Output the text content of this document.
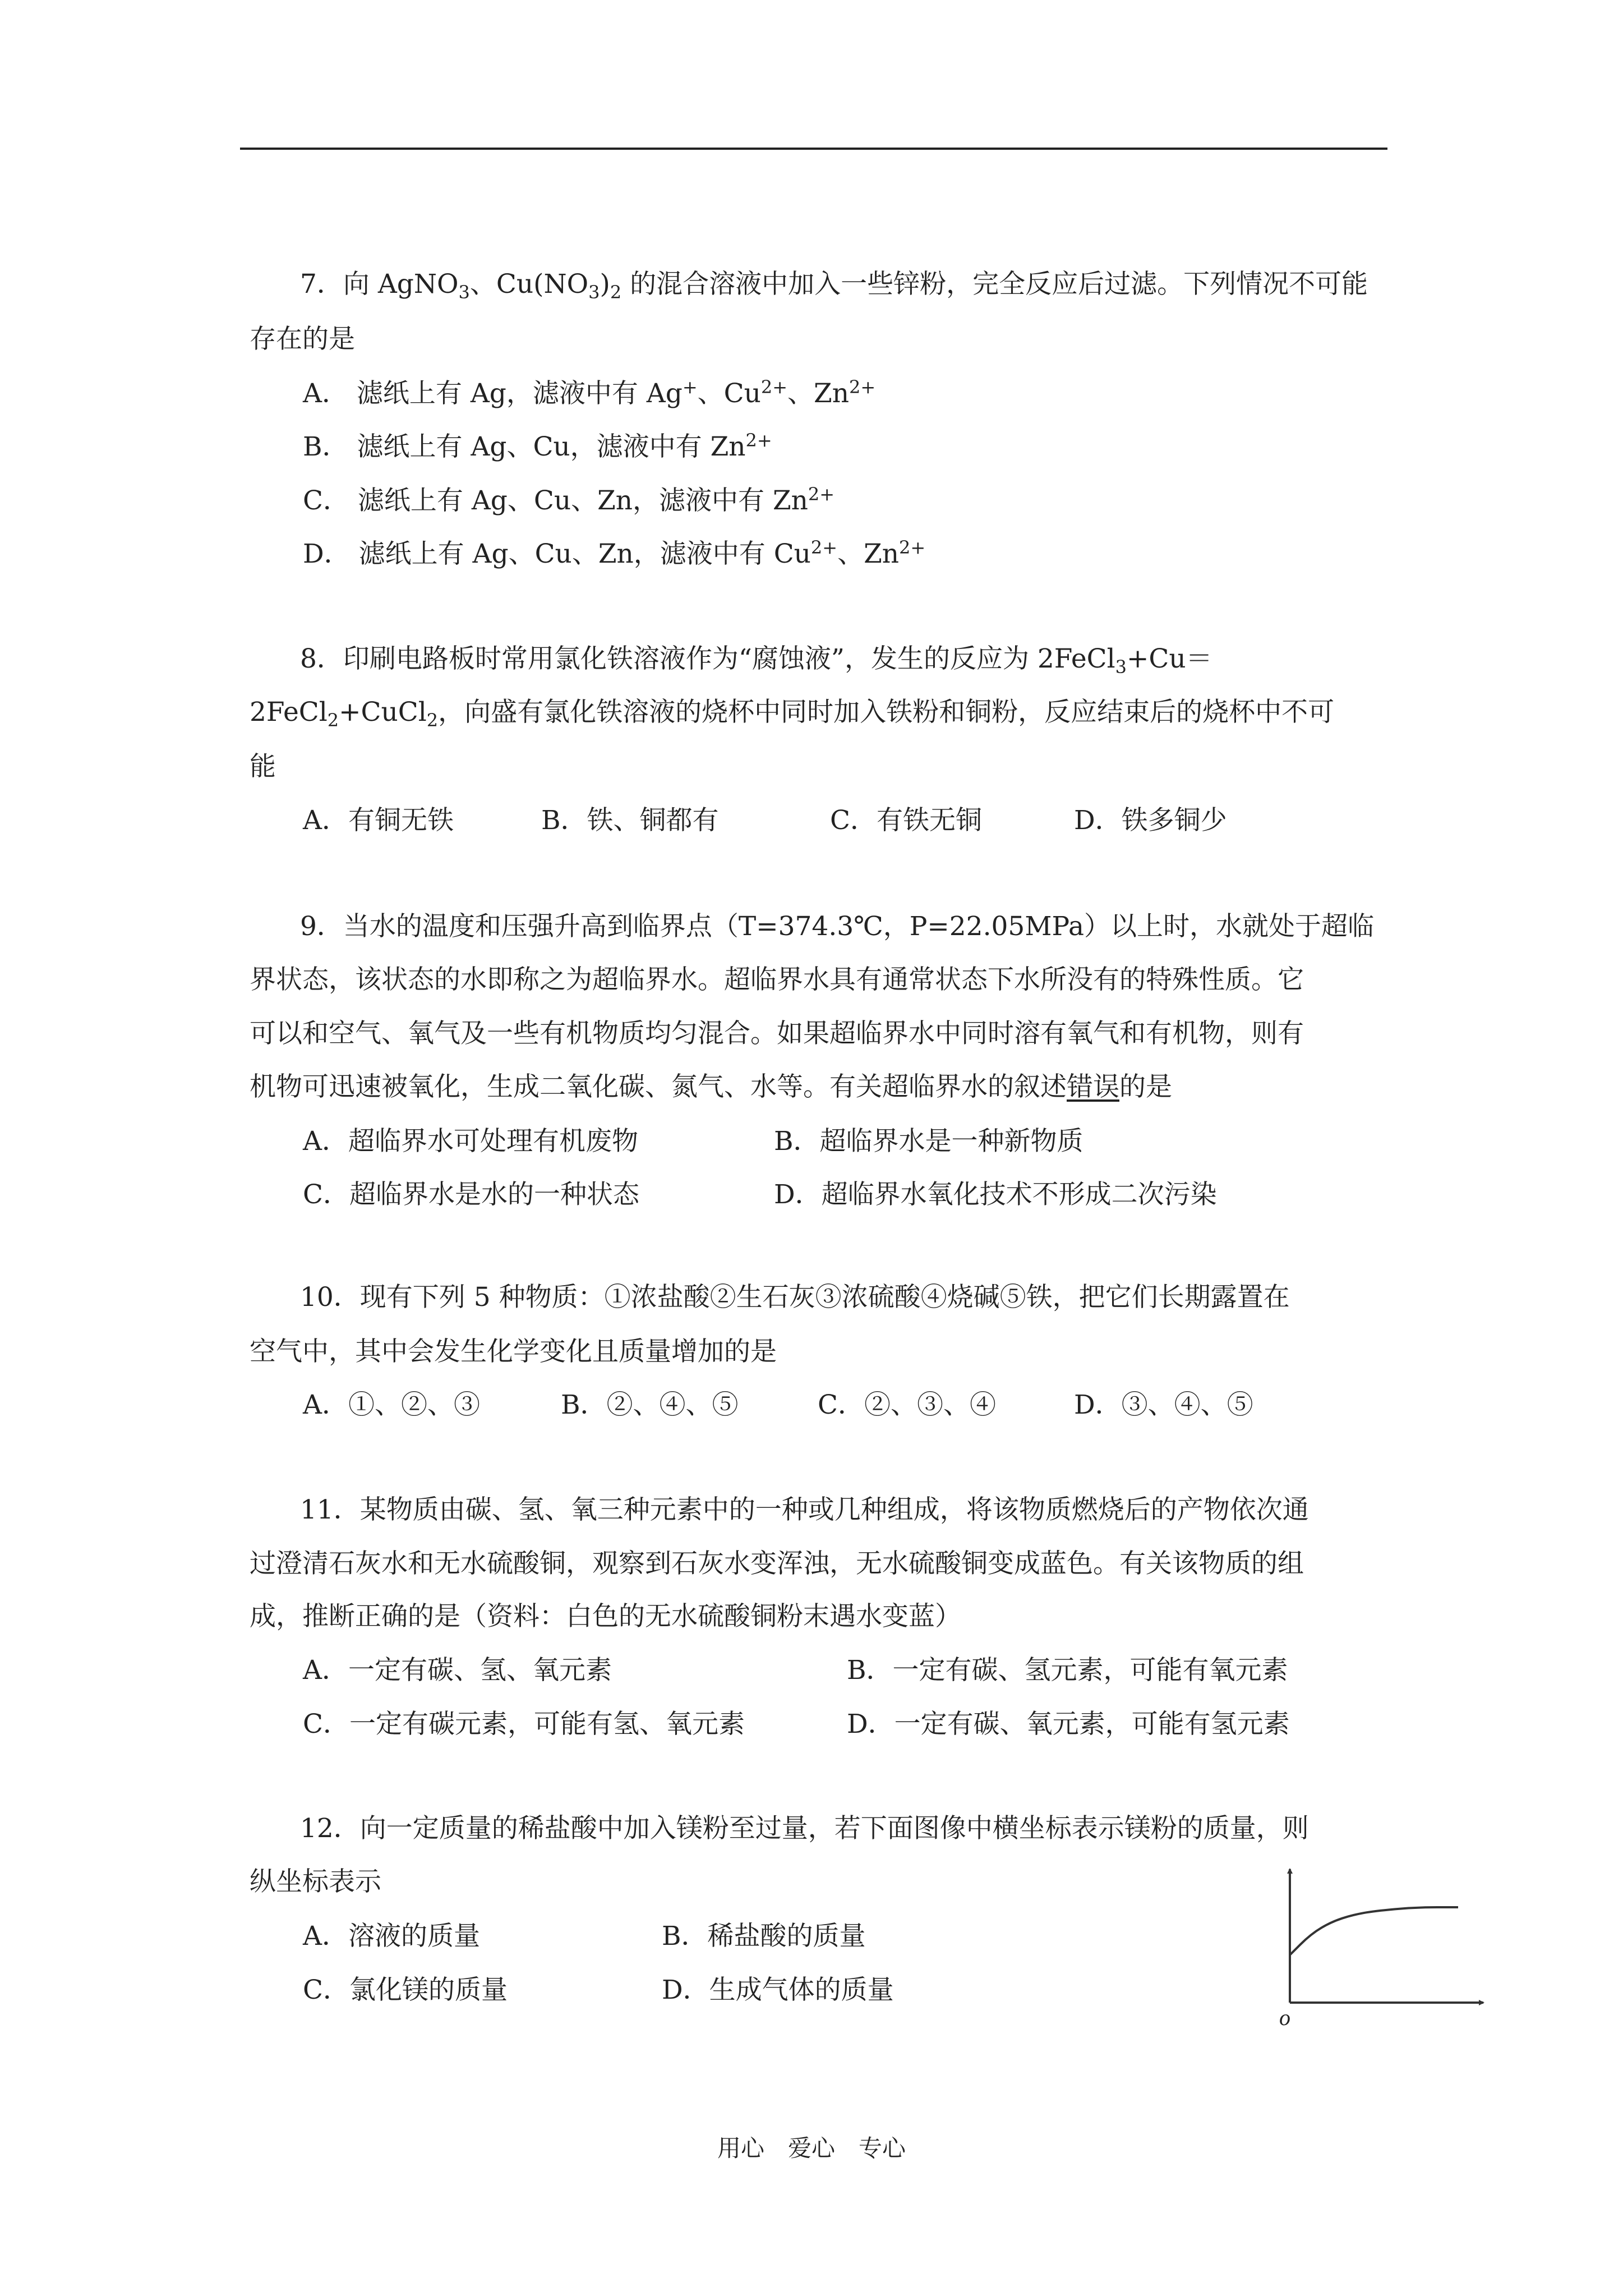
7．向 AgNO$_3$、$Cu(NO_3)_2$ 的混合溶液中加入一些锌粉，完全反应后过滤。下列情况不可能
存在的是
A． 滤纸上有 Ag，滤液中有 Ag+、$Cu^{2+}$、$Zn^{2+}$
B． 滤纸上有 Ag、Cu，滤液中有 $Zn^{2+}$
C． 滤纸上有 Ag、Cu、Zn，滤液中有 $Zn^{2+}$
D． 滤纸上有 Ag、Cu、Zn，滤液中有 $Cu^{2+}$、$Zn^{2+}$
8．印刷电路板时常用氯化铁溶液作为“腐蚀液”，发生的反应为 2FeCl$_3$+Cu＝
2FeCl$_2$+CuCl$_2$，向盛有氯化铁溶液的烧杯中同时加入铁粉和铜粉，反应结束后的烧杯中不可
能
A．有铜无铁	B．铁、铜都有	C．有铁无铜	D．铁多铜少
9．当水的温度和压强升高到临界点（T=374.3℃，P=22.05MPa）以上时，水就处于超临
界状态，该状态的水即称之为超临界水。超临界水具有通常状态下水所没有的特殊性质。它
可以和空气、氧气及一些有机物质均匀混合。如果超临界水中同时溶有氧气和有机物，则有
机物可迅速被氧化，生成二氧化碳、氮气、水等。有关超临界水的叙述错误的是
A．超临界水可处理有机废物	B．超临界水是一种新物质
C．超临界水是水的一种状态	D．超临界水氧化技术不形成二次污染
10．现有下列 5 种物质：①浓盐酸②生石灰③浓硫酸④烧碱⑤铁，把它们长期露置在
空气中，其中会发生化学变化且质量增加的是
A．①、②、③	B．②、④、⑤	C．②、③、④	D．③、④、⑤
11．某物质由碳、氢、氧三种元素中的一种或几种组成，将该物质燃烧后的产物依次通
过澄清石灰水和无水硫酸铜，观察到石灰水变浑浊，无水硫酸铜变成蓝色。有关该物质的组
成，推断正确的是（资料：白色的无水硫酸铜粉末遇水变蓝）
A．一定有碳、氢、氧元素	B．一定有碳、氢元素，可能有氧元素
C．一定有碳元素，可能有氢、氧元素	D．一定有碳、氧元素，可能有氢元素
12．向一定质量的稀盐酸中加入镁粉至过量，若下面图像中横坐标表示镁粉的质量，则
纵坐标表示
A．溶液的质量	B．稀盐酸的质量
C．氯化镁的质量	D．生成气体的质量
o
用心　爱心　专心
